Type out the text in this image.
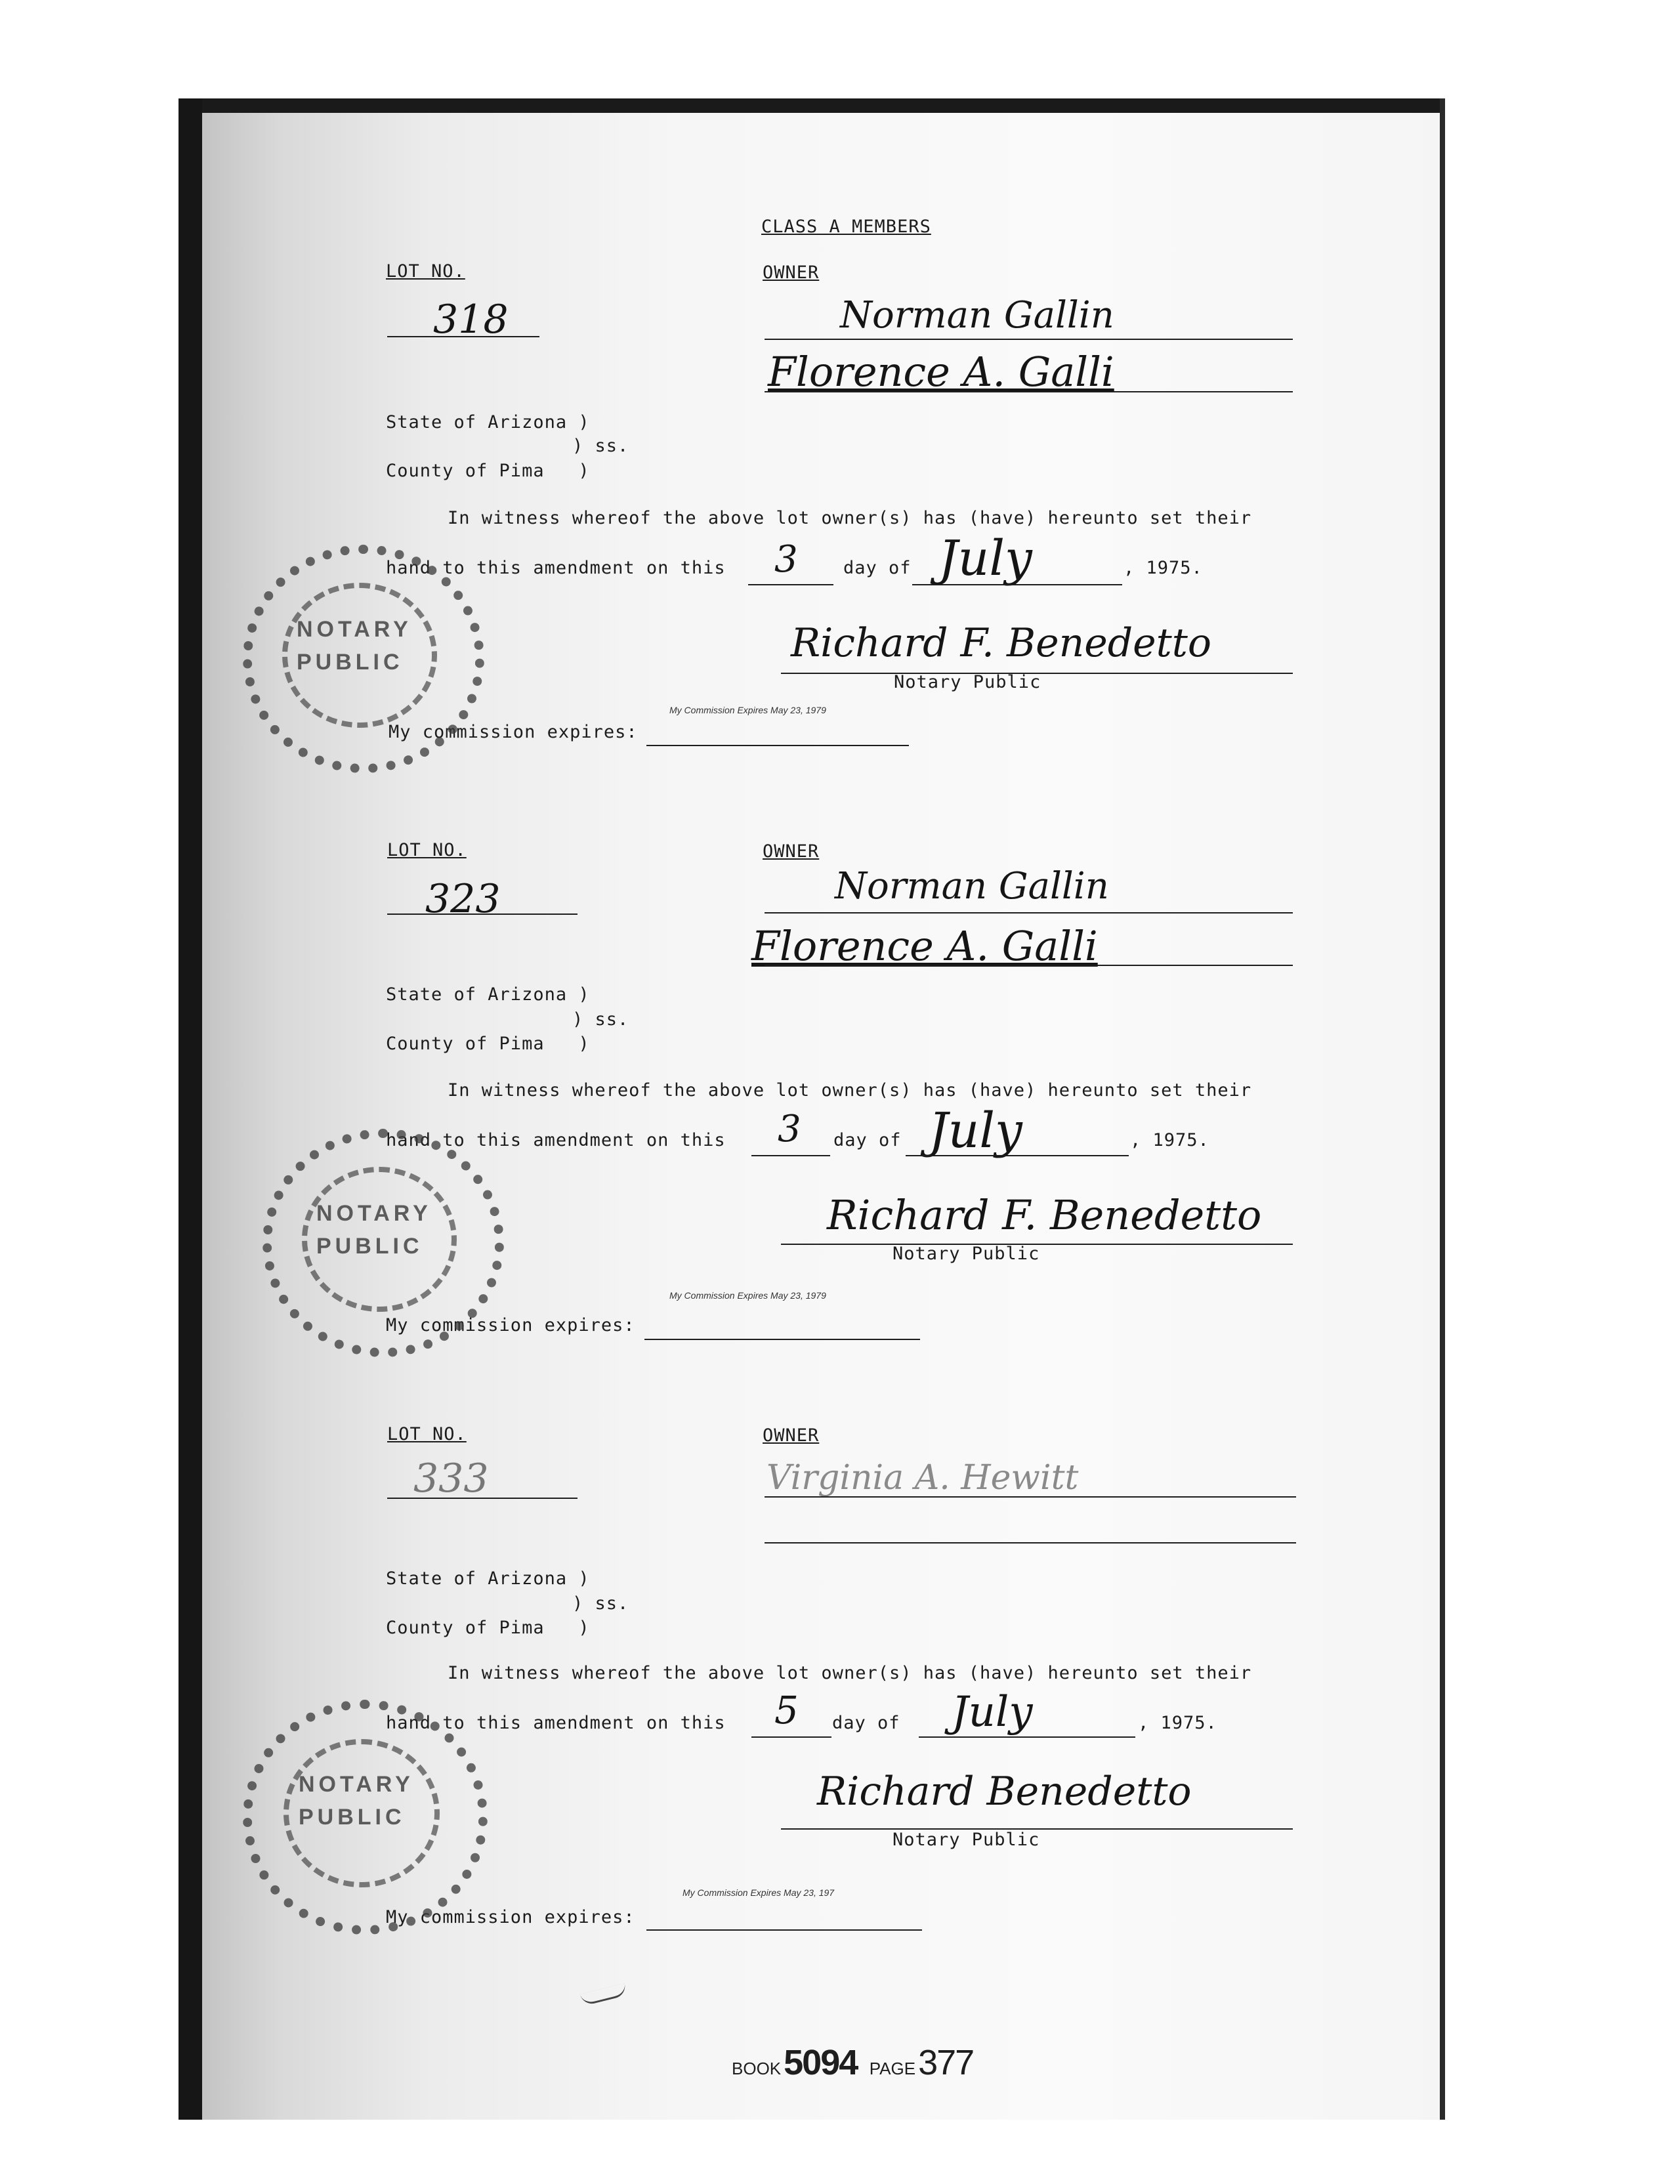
CLASS A MEMBERS
LOT NO.
318
OWNER
Norman Gallin
Florence A. Galli
State of Arizona )
) ss.
County of Pima   )
In witness whereof the above lot owner(s) has (have) hereunto set their
hand to this amendment on this 3	day of July	, 1975.
Richard F. Benedetto
Notary Public
My Commission Expires May 23, 1979
My commission expires:
NOTARY
PUBLIC
LOT NO.
323
OWNER
Norman Gallin
Florence A. Galli
State of Arizona )
) ss.
County of Pima   )
In witness whereof the above lot owner(s) has (have) hereunto set their
hand to this amendment on this 3 day of July	, 1975.
Richard F. Benedetto
Notary Public
My Commission Expires May 23, 1979
My commission expires:
NOTARY
PUBLIC
LOT NO.
333
OWNER
Virginia A. Hewitt
State of Arizona )
) ss.
County of Pima   )
In witness whereof the above lot owner(s) has (have) hereunto set their
hand to this amendment on this 5 day of July	, 1975.
Richard Benedetto
Notary Public
My Commission Expires May 23, 197
My commission expires:
NOTARY
PUBLIC
BOOK5094 PAGE377
